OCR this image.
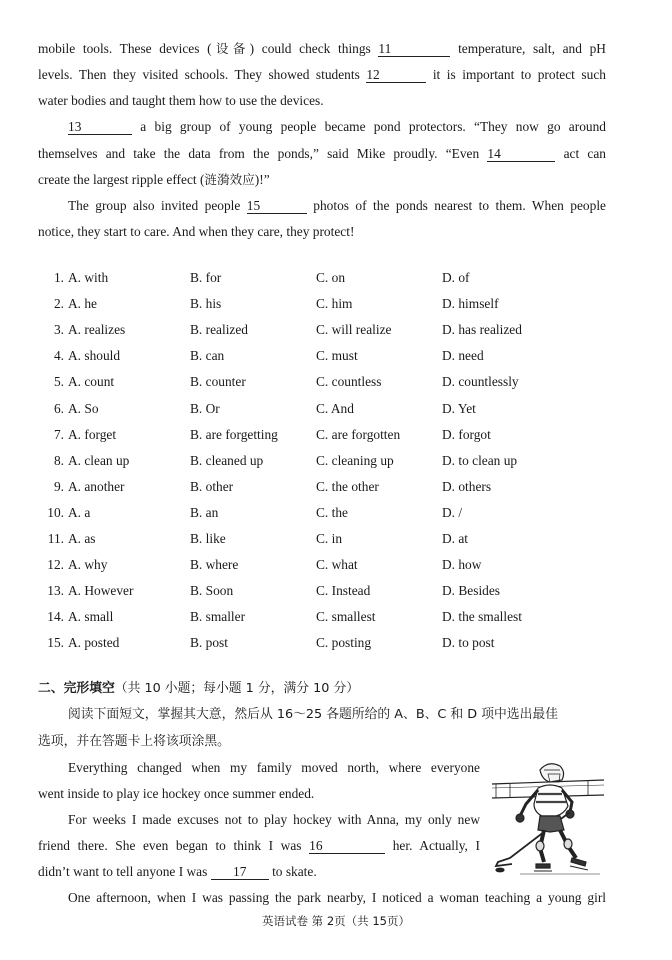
mobile tools. These devices (设备) could check things 11	temperature, salt, and pH
levels. Then they visited schools. They showed students 12	it is important to protect such
water bodies and taught them how to use the devices.
13	a big group of young people became pond protectors. “They now go around
themselves and take the data from the ponds,” said Mike proudly. “Even 14	act can
create the largest ripple effect (涟漪效应)!”
The group also invited people 15	photos of the ponds nearest to them. When people
notice, they start to care. And when they care, they protect!
1. A. with	B. for	C. on	D. of
2. A. he	B. his	C. him	D. himself
3. A. realizes	B. realized	C. will realize	D. has realized
4. A. should	B. can	C. must	D. need
5. A. count	B. counter	C. countless	D. countlessly
6. A. So	B. Or	C. And	D. Yet
7. A. forget	B. are forgetting	C. are forgotten	D. forgot
8. A. clean up	B. cleaned up	C. cleaning up	D. to clean up
9. A. another	B. other	C. the other	D. others
10. A. a	B. an	C. the	D. /
11. A. as	B. like	C. in	D. at
12. A. why	B. where	C. what	D. how
13. A. However	B. Soon	C. Instead	D. Besides
14. A. small	B. smaller	C. smallest	D. the smallest
15. A. posted	B. post	C. posting	D. to post
二、完形填空（共 10 小题；每小题 1 分，满分 10 分）
阅读下面短文，掌握其大意，然后从 16～25 各题所给的 A、B、C 和 D 项中选出最佳
选项，并在答题卡上将该项涂黑。
Everything changed when my family moved north, where everyone
went inside to play ice hockey once summer ended.
For weeks I made excuses not to play hockey with Anna, my only new
friend there. She even began to think I was 16	her. Actually, I
didn’t want to tell anyone I was 17 to skate.
One afternoon, when I was passing the park nearby, I noticed a woman teaching a young girl
英语试卷 第 2页（共 15页）
